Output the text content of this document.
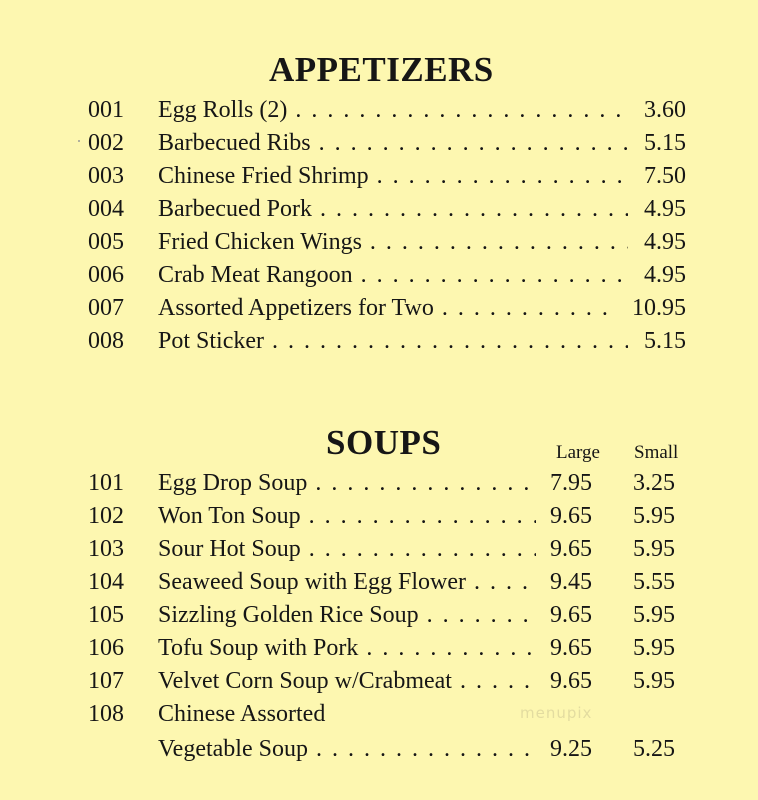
APPETIZERS
001 Egg Rolls (2) . . .	3.60
002 Barbecued Ribs . . .	5.15
003 Chinese Fried Shrimp . . .	7.50
004 Barbecued Pork . . .	4.95
005 Fried Chicken Wings . . .	4.95
006 Crab Meat Rangoon . . .	4.95
007 Assorted Appetizers for Two . . .	10.95
008 Pot Sticker . . .	5.15
SOUPS	Large Small
101 Egg Drop Soup . . .	7.95 3.25
102 Won Ton Soup . . .	9.65 5.95
103 Sour Hot Soup . . .	9.65 5.95
104 Seaweed Soup with Egg Flower . . .	9.45 5.55
105 Sizzling Golden Rice Soup . . .	9.65 5.95
106 Tofu Soup with Pork . . .	9.65 5.95
107 Velvet Corn Soup w/Crabmeat . . .	9.65 5.95
108 Chinese Assorted
Vegetable Soup . . .	9.25 5.25
menupix
